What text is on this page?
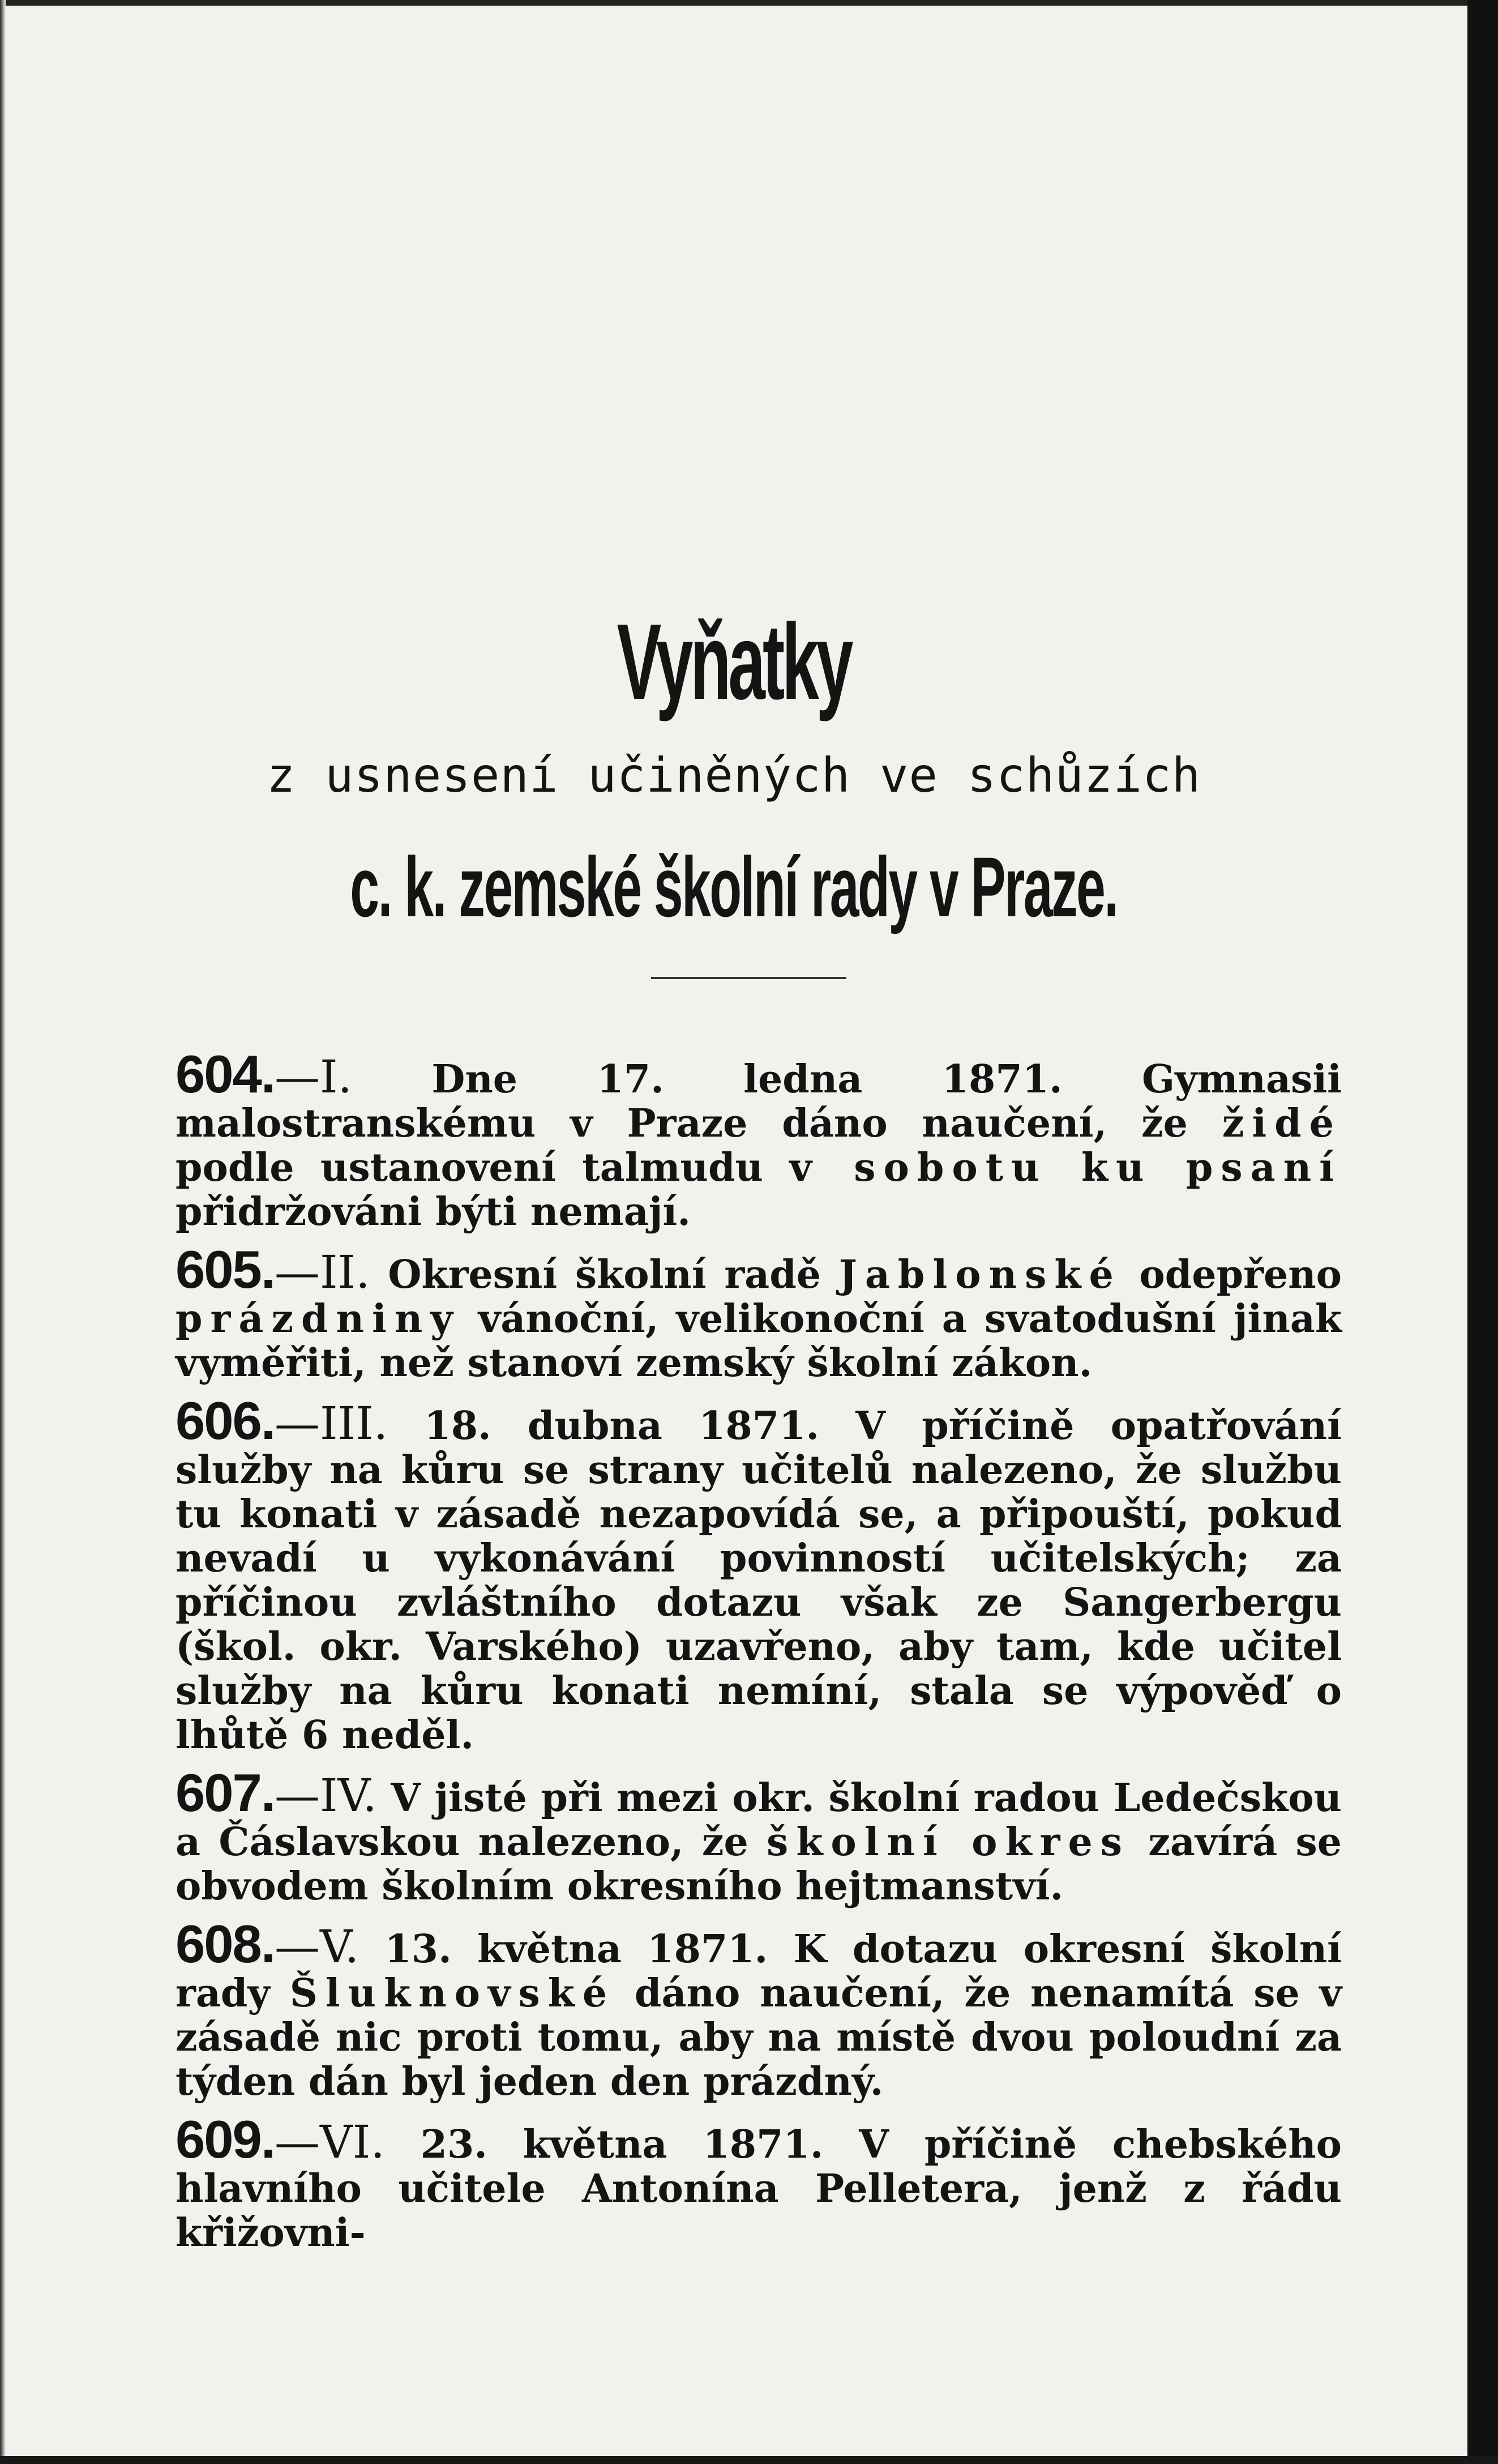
Vyňatky
z usnesení učiněných ve schůzích
c. k. zemské školní rady v Praze.

604.—I. Dne 17. ledna 1871. Gymnasii malostranskému v Praze dáno naučení, že židé podle ustanovení talmudu v sobotu ku psaní přidržováni býti nemají.

605.—II. Okresní školní radě Jablonské odepřeno prázdniny vánoční, velikonoční a svatodušní jinak vyměřiti, než stanoví zemský školní zákon.

606.—III. 18. dubna 1871. V příčině opatřování služby na kůru se strany učitelů nalezeno, že službu tu konati v zásadě nezapovídá se, a připouští, pokud nevadí u vykonávání povinností učitelských; za příčinou zvláštního dotazu však ze Sangerbergu (škol. okr. Varského) uzavřeno, aby tam, kde učitel služby na kůru konati nemíní, stala se výpověď o lhůtě 6 neděl.

607.—IV. V jisté při mezi okr. školní radou Ledečskou a Čáslavskou nalezeno, že školní okres zavírá se obvodem školním okresního hejtmanství.

608.—V. 13. května 1871. K dotazu okresní školní rady Šluknovské dáno naučení, že nenamítá se v zásadě nic proti tomu, aby na místě dvou poloudní za týden dán byl jeden den prázdný.

609.—VI. 23. května 1871. V příčině chebského hlavního učitele Antonína Pelletera, jenž z řádu křižovni-
